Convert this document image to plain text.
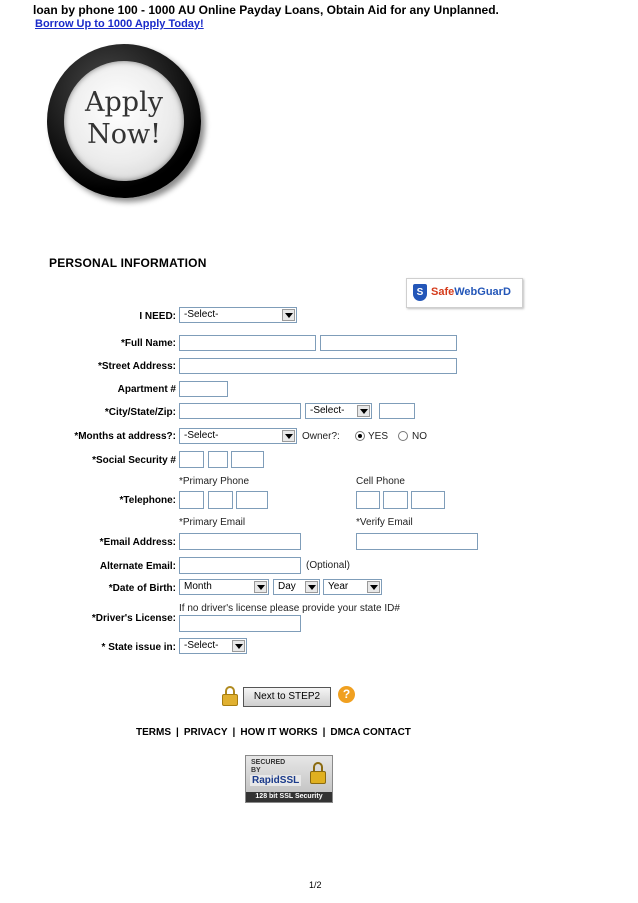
loan by phone 100 - 1000 AU Online Payday Loans, Obtain Aid for any Unplanned.
Borrow Up to 1000 Apply Today!
Apply
Now!
PERSONAL INFORMATION
S SafeWebGuarD
I NEED: -Select-
*Full Name:
*Street Address:
Apartment #
*City/State/Zip:	-Select-
*Months at address?: -Select-	Owner?:	YES NO
*Social Security #
*Primary Phone	Cell Phone
*Telephone:
*Primary Email	*Verify Email
*Email Address:
Alternate Email:	(Optional)
*Date of Birth: Month	Day	Year
If no driver's license please provide your state ID#
*Driver's License:
* State issue in: -Select-
Next to STEP2	?
TERMS | PRIVACY | HOW IT WORKS | DMCA CONTACT
SECURED BY
RapidSSL
128 bit SSL Security
1/2
